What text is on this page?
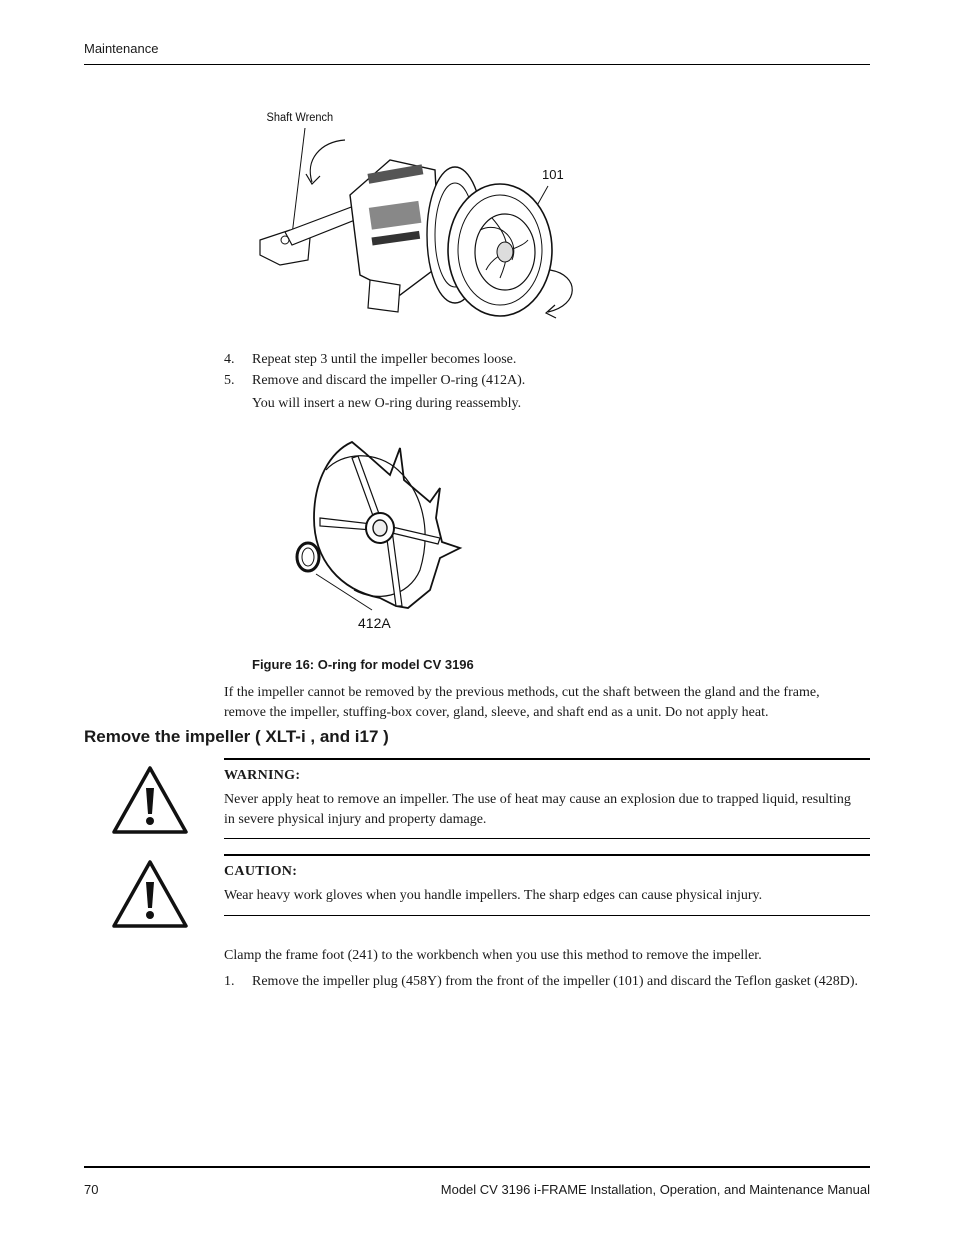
Maintenance
Shaft Wrench
101
4. Repeat step 3 until the impeller becomes loose.
5. Remove and discard the impeller O-ring (412A).
You will insert a new O-ring during reassembly.
412A
Figure 16: O-ring for model CV 3196
If the impeller cannot be removed by the previous methods, cut the shaft between the gland and the frame, remove the impeller, stuffing-box cover, gland, sleeve, and shaft end as a unit. Do not apply heat.
Remove the impeller ( XLT-i , and i17 )
WARNING:
Never apply heat to remove an impeller. The use of heat may cause an explosion due to trapped liquid, resulting in severe physical injury and property damage.
CAUTION:
Wear heavy work gloves when you handle impellers. The sharp edges can cause physical injury.
Clamp the frame foot (241) to the workbench when you use this method to remove the impeller.
1. Remove the impeller plug (458Y) from the front of the impeller (101) and discard the Teflon gasket (428D).
70	Model CV 3196 i-FRAME Installation, Operation, and Maintenance Manual
